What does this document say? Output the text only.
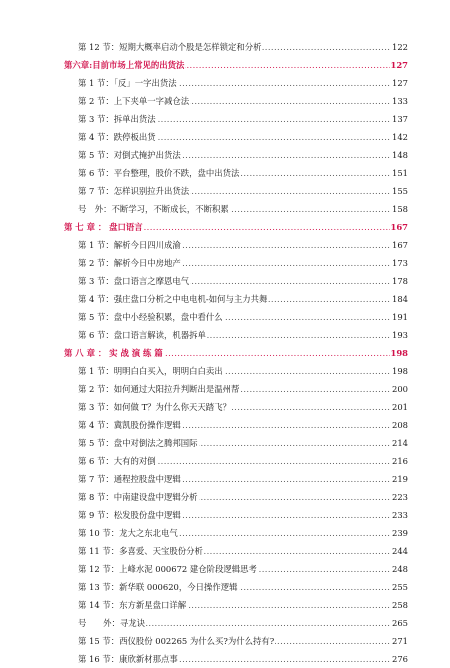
.....
第 12 节：短期大概率启动个股是怎样锁定和分析	122
.....
第六章:目前市场上常见的出货法	127
.....
第 1 节：「反」一字出货法	127
.....
第 2 节：上下夹单一字减仓法	133
.....
第 3 节：拆单出货法	137
.....
第 4 节：跌停板出货	142
.....
第 5 节：对倒式掩护出货法	148
.....
第 6 节：平台整理，股价不跌，盘中出货法	151
.....
第 7 节：怎样识别拉升出货法	155
.....
号　外：不断学习，不断成长，不断积累	158
.....
第 七 章 ： 盘口语言	167
.....
第 1 节：解析今日四川成渝	167
.....
第 2 节：解析今日中房地产	173
.....
第 3 节：盘口语言之摩恩电气	178
.....
第 4 节：强庄盘口分析之中电电机-如何与主力共舞	184
.....
第 5 节：盘中小经验积累，盘中看什么	191
.....
第 6 节：盘口语言解读，机器拆单	193
.....
第 八 章 ： 实 战 演 练 篇	198
.....
第 1 节：明明白白买入，明明白白卖出	198
.....
第 2 节：如何通过大阳拉升判断出是温州帮	200
.....
第 3 节：如何做 T？为什么你天天踏飞？	201
.....
第 4 节：冀凯股份操作逻辑	208
.....
第 5 节：盘中对倒法之腾邦国际	214
.....
第 6 节：大有的对倒	216
.....
第 7 节：通程控股盘中逻辑	219
.....
第 8 节：中南建设盘中逻辑分析	223
.....
第 9 节：松发股份盘中逻辑	233
.....
第 10 节：龙大之东北电气	239
.....
第 11 节：多喜爱、天宝股份分析	244
.....
第 12 节：上峰水泥 000672 建仓阶段逻辑思考	248
.....
第 13 节：新华联 000620，今日操作逻辑	255
.....
第 14 节：东方新星盘口详解	258
.....
号　　外：寻龙诀	265
.....
第 15 节：西仪股份 002265 为什么买?为什么持有?	271
.....
第 16 节：康欣新材那点事	276
